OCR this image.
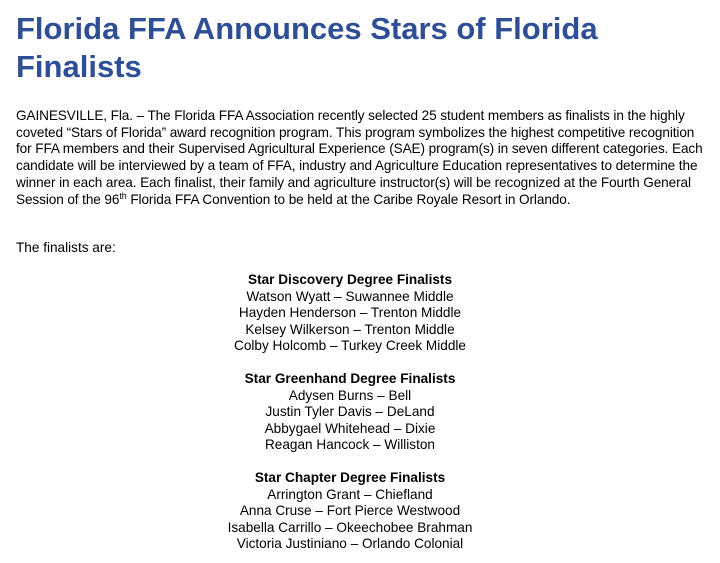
Florida FFA Announces Stars of Florida Finalists

GAINESVILLE, Fla. – The Florida FFA Association recently selected 25 student members as finalists in the highly coveted “Stars of Florida” award recognition program. This program symbolizes the highest competitive recognition for FFA members and their Supervised Agricultural Experience (SAE) program(s) in seven different categories. Each candidate will be interviewed by a team of FFA, industry and Agriculture Education representatives to determine the winner in each area. Each finalist, their family and agriculture instructor(s) will be recognized at the Fourth General Session of the 96th Florida FFA Convention to be held at the Caribe Royale Resort in Orlando.

The finalists are:

Star Discovery Degree Finalists
Watson Wyatt – Suwannee Middle
Hayden Henderson – Trenton Middle
Kelsey Wilkerson – Trenton Middle
Colby Holcomb – Turkey Creek Middle
Star Greenhand Degree Finalists
Adysen Burns – Bell
Justin Tyler Davis – DeLand
Abbygael Whitehead – Dixie
Reagan Hancock – Williston
Star Chapter Degree Finalists
Arrington Grant – Chiefland
Anna Cruse – Fort Pierce Westwood
Isabella Carrillo – Okeechobee Brahman
Victoria Justiniano – Orlando Colonial
